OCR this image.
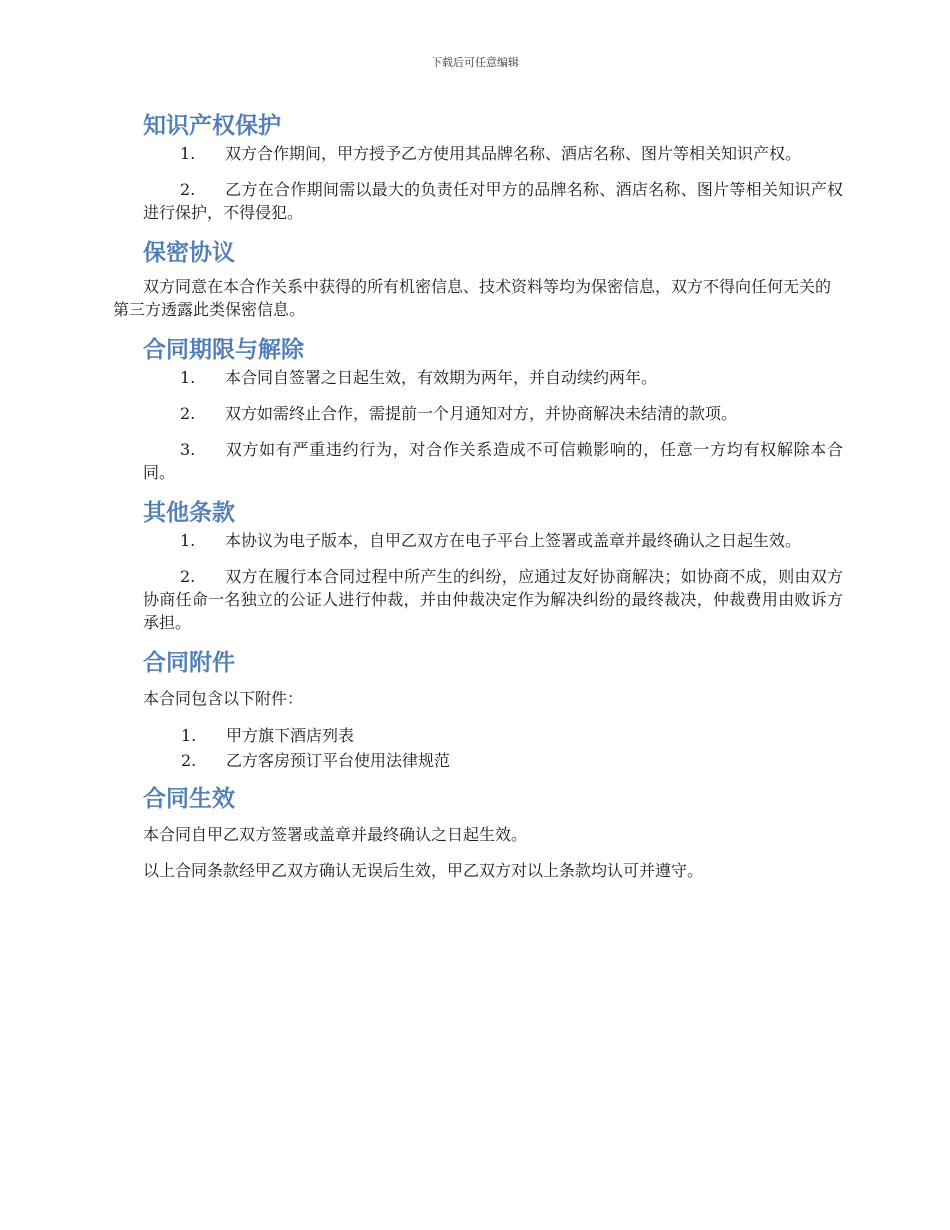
下载后可任意编辑
知识产权保护

1. 双方合作期间，甲方授予乙方使用其品牌名称、酒店名称、图片等相关知识产权。

2. 乙方在合作期间需以最大的负责任对甲方的品牌名称、酒店名称、图片等相关知识产权进行保护，不得侵犯。

保密协议

双方同意在本合作关系中获得的所有机密信息、技术资料等均为保密信息，双方不得向任何无关的第三方透露此类保密信息。

合同期限与解除

1. 本合同自签署之日起生效，有效期为两年，并自动续约两年。

2. 双方如需终止合作，需提前一个月通知对方，并协商解决未结清的款项。

3. 双方如有严重违约行为，对合作关系造成不可信赖影响的，任意一方均有权解除本合同。

其他条款

1. 本协议为电子版本，自甲乙双方在电子平台上签署或盖章并最终确认之日起生效。

2. 双方在履行本合同过程中所产生的纠纷，应通过友好协商解决；如协商不成，则由双方协商任命一名独立的公证人进行仲裁，并由仲裁决定作为解决纠纷的最终裁决，仲裁费用由败诉方承担。

合同附件

本合同包含以下附件：

1. 甲方旗下酒店列表
2. 乙方客房预订平台使用法律规范
合同生效

本合同自甲乙双方签署或盖章并最终确认之日起生效。

以上合同条款经甲乙双方确认无误后生效，甲乙双方对以上条款均认可并遵守。
